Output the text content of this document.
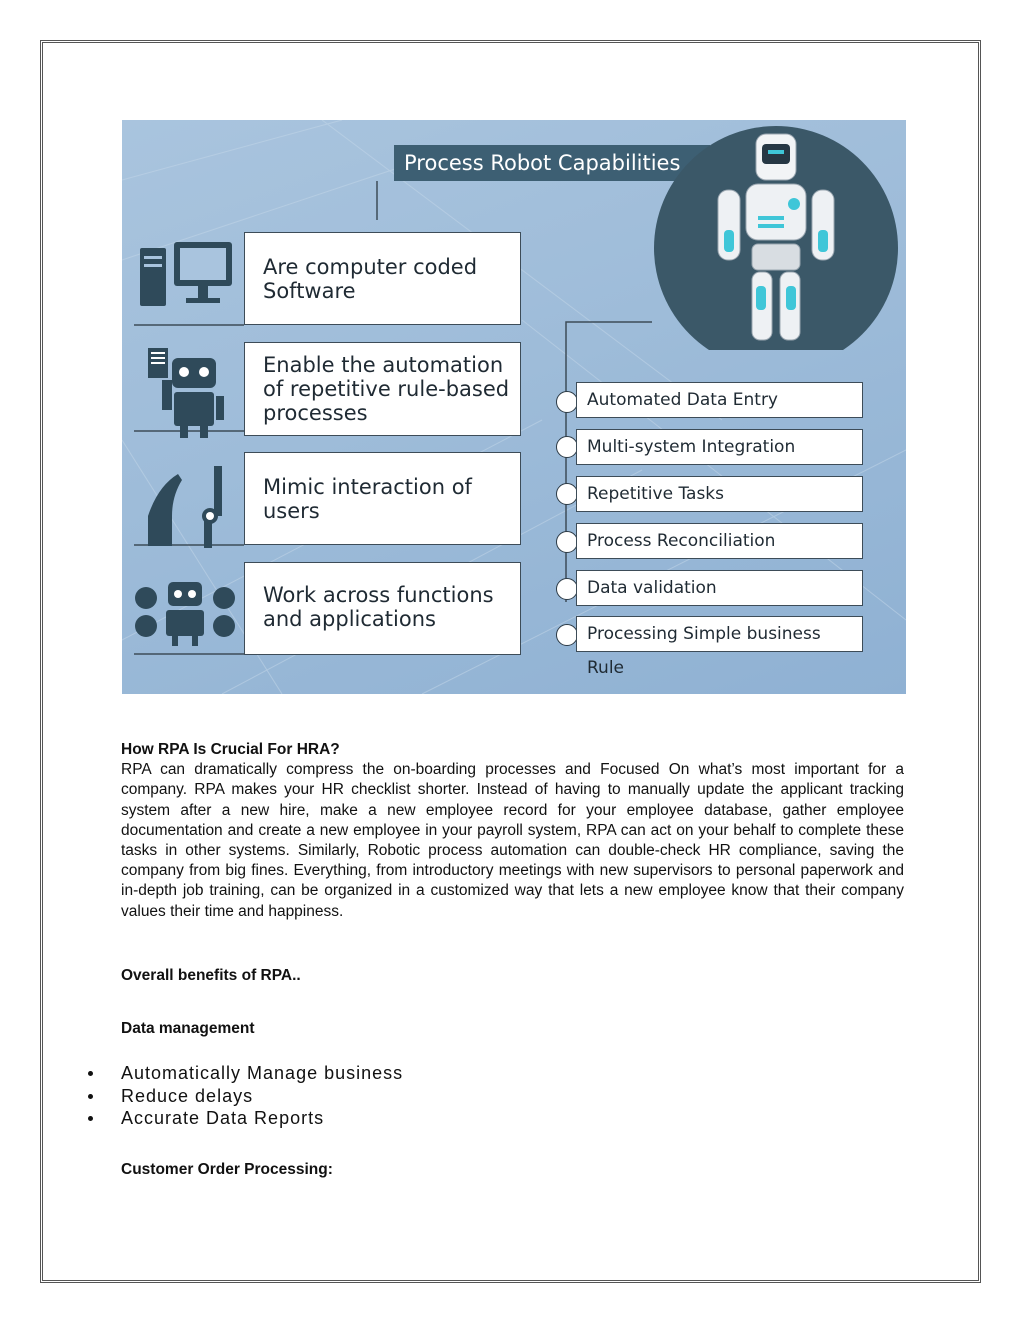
Process Robot Capabilities
Are computer coded Software
Enable the automation of repetitive rule-based processes
Mimic interaction of users
Work across functions and applications
Automated Data Entry
Multi-system Integration
Repetitive Tasks
Process Reconciliation
Data validation
Processing Simple business Rule
How RPA Is Crucial For HRA?
RPA can dramatically compress the on-boarding processes and Focused On what’s most important for a company. RPA makes your HR checklist shorter. Instead of having to manually update the applicant tracking system after a new hire, make a new employee record for your employee database, gather employee documentation and create a new employee in your payroll system, RPA can act on your behalf to complete these tasks in other systems. Similarly, Robotic process automation can double-check HR compliance, saving the company from big fines. Everything, from introductory meetings with new supervisors to personal paperwork and in-depth job training, can be organized in a customized way that lets a new employee know that their company values their time and happiness.
Overall benefits of RPA..
Data management
Automatically Manage business
Reduce delays
Accurate Data Reports
Customer Order Processing:
